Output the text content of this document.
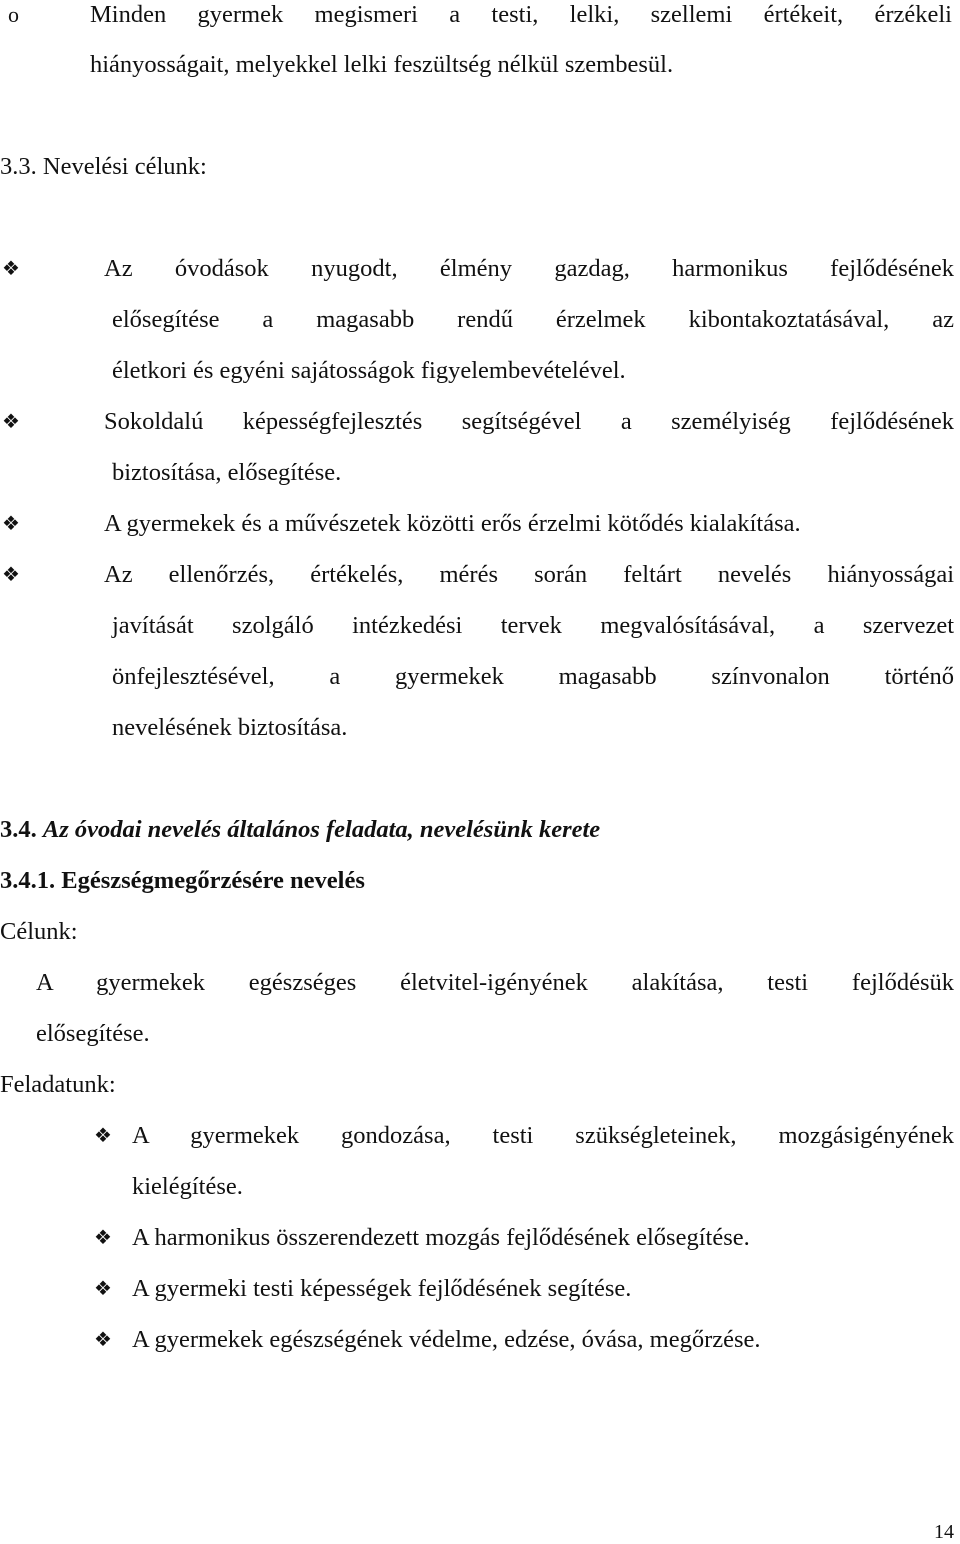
o	Minden gyermek megismeri a testi, lelki, szellemi értékeit, érzékeli
hiányosságait, melyekkel lelki feszültség nélkül szembesül.
3.3. Nevelési célunk:
❖	Az óvodások nyugodt, élmény gazdag, harmonikus fejlődésének
elősegítése a magasabb rendű érzelmek kibontakoztatásával, az
életkori és egyéni sajátosságok figyelembevételével.
❖	Sokoldalú képességfejlesztés segítségével a személyiség fejlődésének
biztosítása, elősegítése.
❖	A gyermekek és a művészetek közötti erős érzelmi kötődés kialakítása.
❖	Az ellenőrzés, értékelés, mérés során feltárt nevelés hiányosságai
javítását szolgáló intézkedési tervek megvalósításával, a szervezet
önfejlesztésével, a gyermekek magasabb színvonalon történő
nevelésének biztosítása.
3.4. Az óvodai nevelés általános feladata, nevelésünk kerete
3.4.1. Egészségmegőrzésére nevelés
Célunk:
A gyermekek egészséges életvitel-igényének alakítása, testi fejlődésük
elősegítése.
Feladatunk:
❖ A gyermekek gondozása, testi szükségleteinek, mozgásigényének
kielégítése.
❖ A harmonikus összerendezett mozgás fejlődésének elősegítése.
❖ A gyermeki testi képességek fejlődésének segítése.
❖ A gyermekek egészségének védelme, edzése, óvása, megőrzése.
14
